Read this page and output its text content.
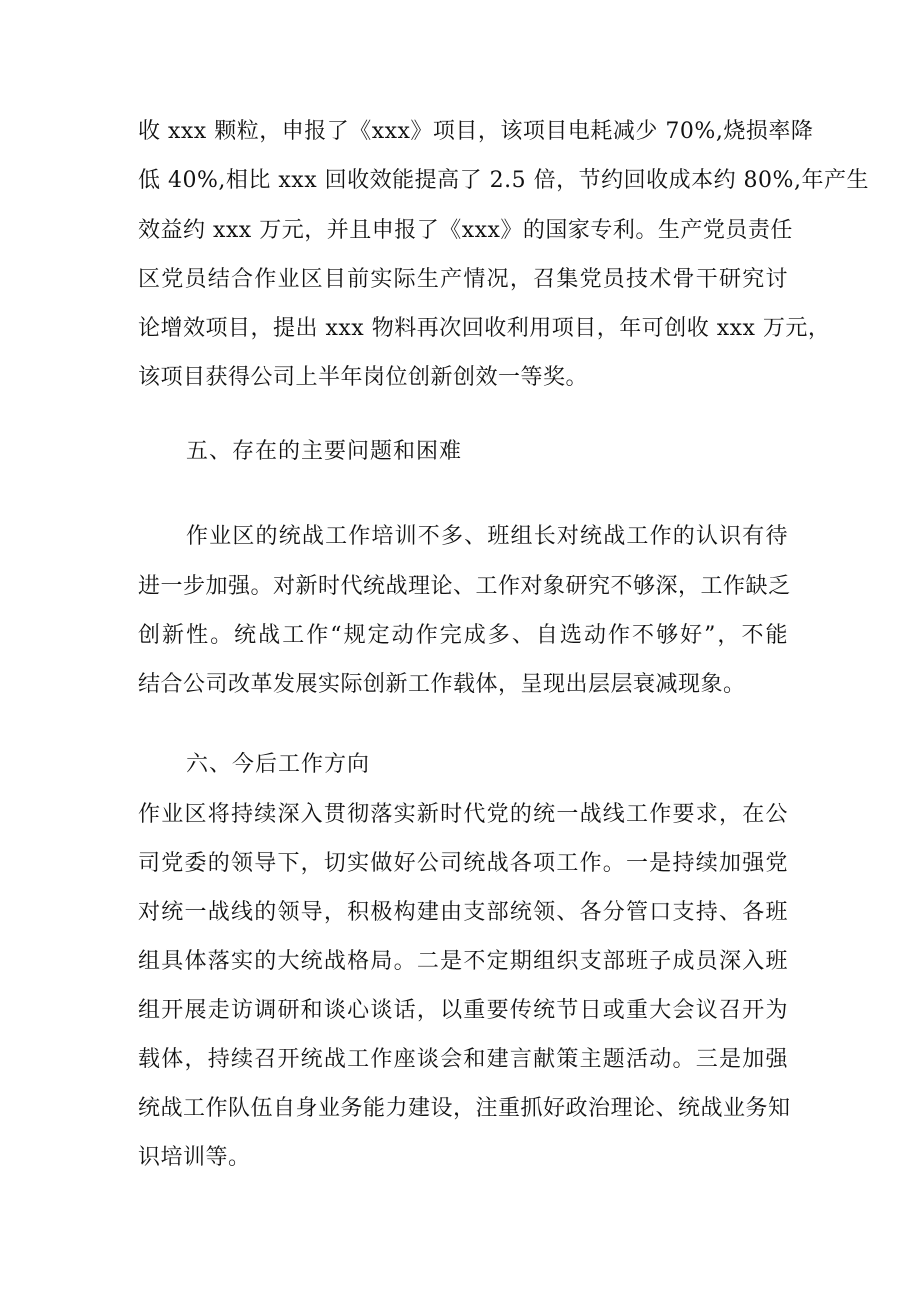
收 xxx 颗粒，申报了《xxx》项目，该项目电耗减少 70%,烧损率降
低 40%,相比 xxx 回收效能提高了 2.5 倍，节约回收成本约 80%,年产生
效益约 xxx 万元，并且申报了《xxx》的国家专利。生产党员责任
区党员结合作业区目前实际生产情况，召集党员技术骨干研究讨
论增效项目，提出 xxx 物料再次回收利用项目，年可创收 xxx 万元，
该项目获得公司上半年岗位创新创效一等奖。
五、存在的主要问题和困难
作业区的统战工作培训不多、班组长对统战工作的认识有待
进一步加强。对新时代统战理论、工作对象研究不够深，工作缺乏
创新性。统战工作“规定动作完成多、自选动作不够好”，不能
结合公司改革发展实际创新工作载体，呈现出层层衰减现象。
六、今后工作方向
作业区将持续深入贯彻落实新时代党的统一战线工作要求，在公
司党委的领导下，切实做好公司统战各项工作。一是持续加强党
对统一战线的领导，积极构建由支部统领、各分管口支持、各班
组具体落实的大统战格局。二是不定期组织支部班子成员深入班
组开展走访调研和谈心谈话，以重要传统节日或重大会议召开为
载体，持续召开统战工作座谈会和建言献策主题活动。三是加强
统战工作队伍自身业务能力建设，注重抓好政治理论、统战业务知
识培训等。
